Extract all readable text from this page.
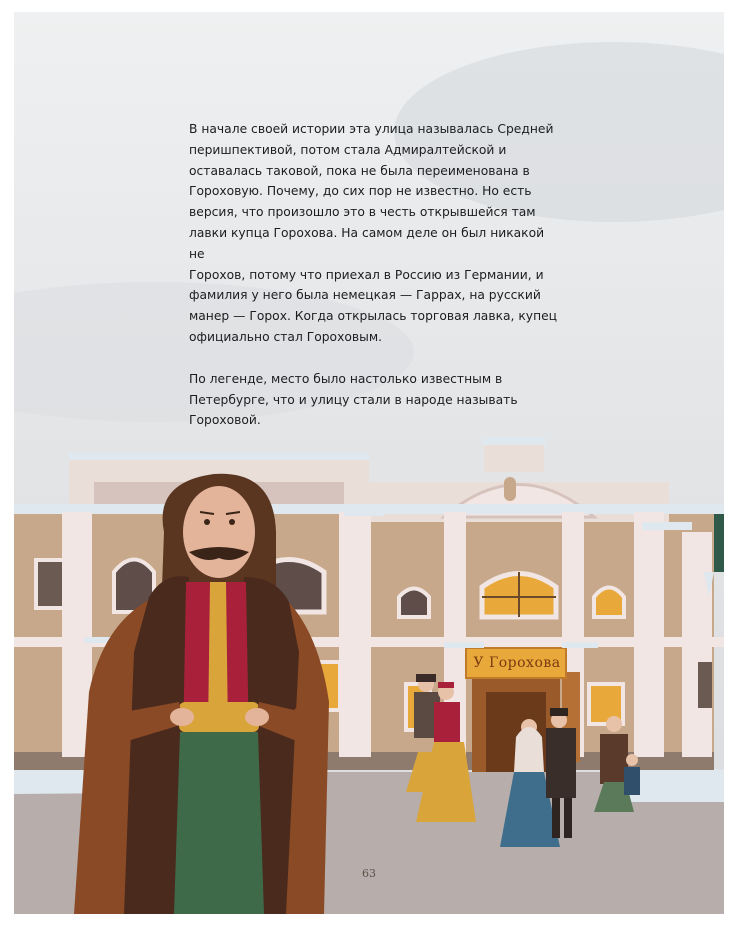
В начале своей истории эта улица называлась Средней
перишпективой, потом стала Адмиралтейской и
оставалась таковой, пока не была переименована в
Гороховую. Почему, до сих пор не известно. Но есть
версия, что произошло это в честь открывшейся там
лавки купца Горохова. На самом деле он был никакой не
Горохов, потому что приехал в Россию из Германии, и
фамилия у него была немецкая — Гаррах, на русский
манер — Горох. Когда открылась торговая лавка, купец
официально стал Гороховым.

По легенде, место было настолько известным в
Петербурге, что и улицу стали в народе называть
Гороховой.

У Горохова
63
